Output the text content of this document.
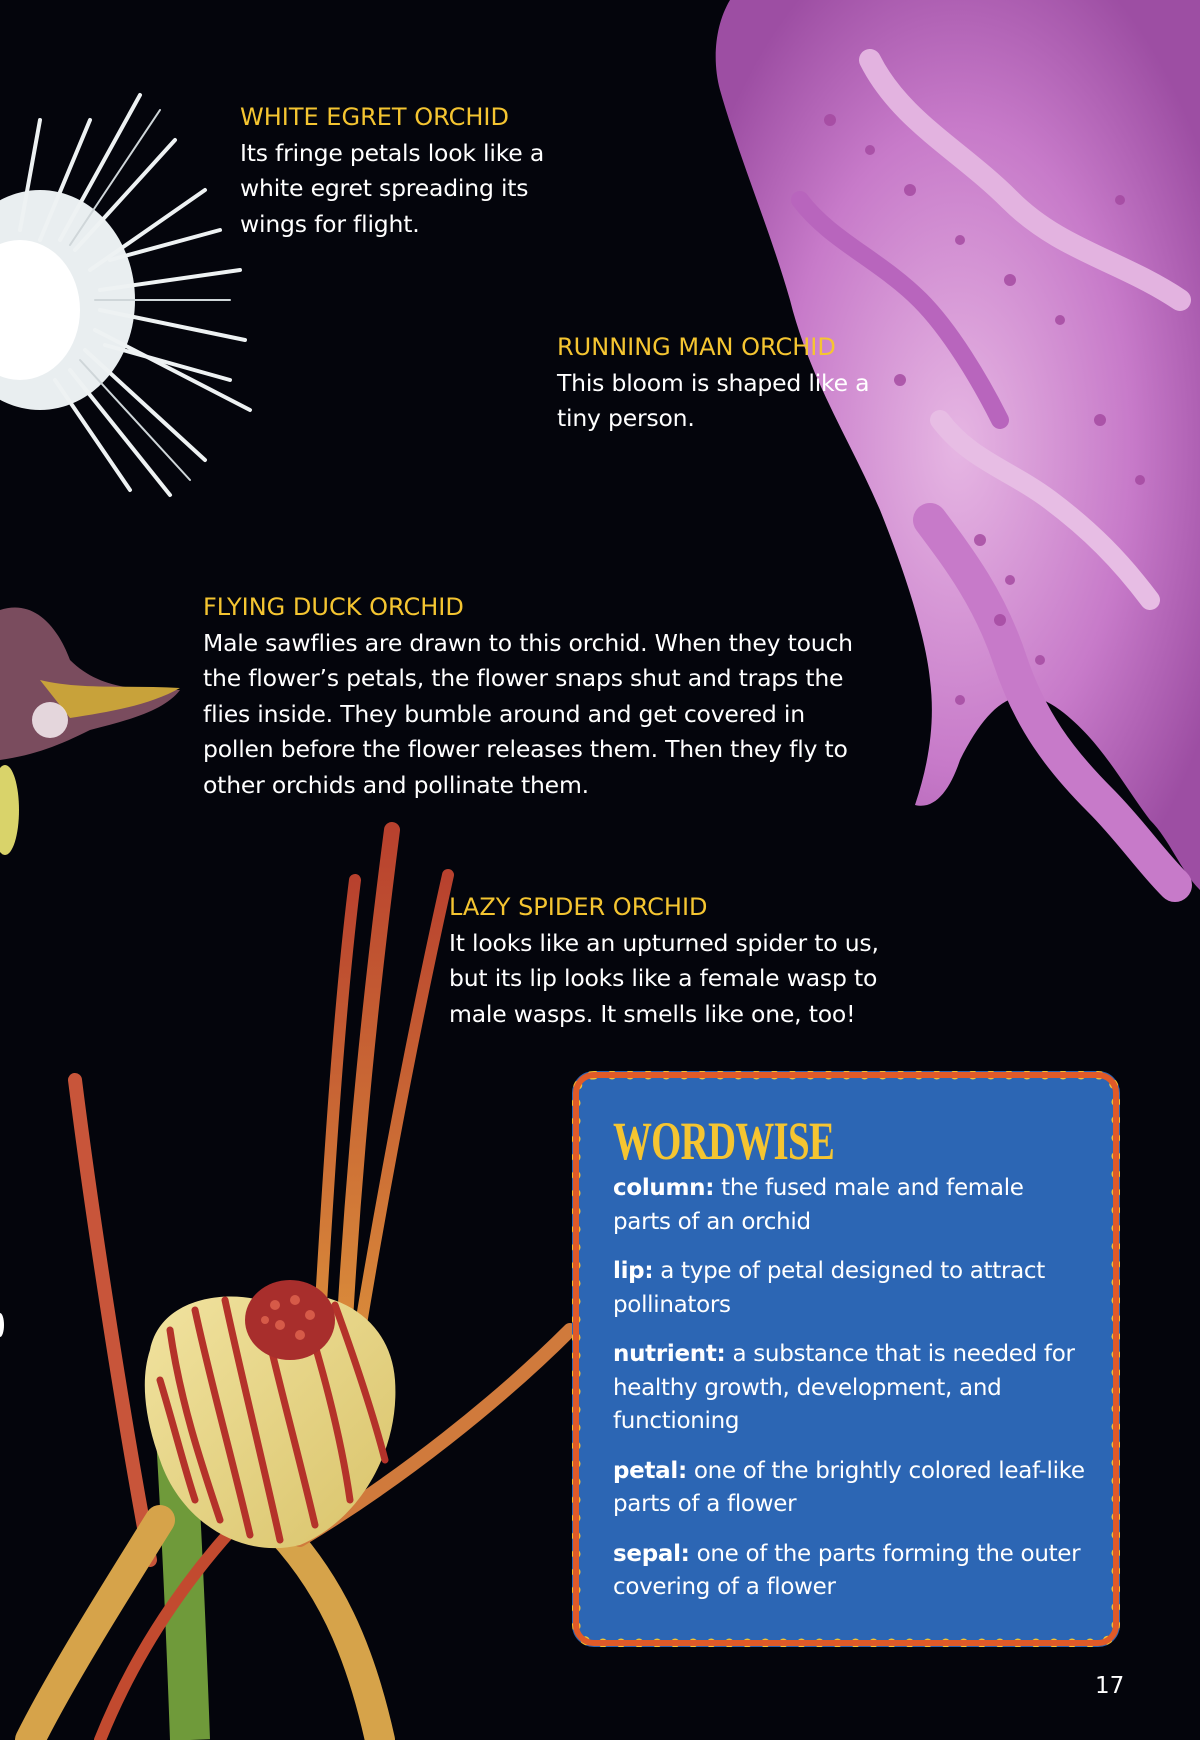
WHITE EGRET ORCHID
Its fringe petals look like a white egret spreading its wings for flight.
RUNNING MAN ORCHID
This bloom is shaped like a tiny person.
FLYING DUCK ORCHID
Male sawflies are drawn to this orchid. When they touch the flower’s petals, the flower snaps shut and traps the flies inside. They bumble around and get covered in pollen before the flower releases them. Then they fly to other orchids and pollinate them.
LAZY SPIDER ORCHID
It looks like an upturned spider to us, but its lip looks like a female wasp to male wasps. It smells like one, too!
WORDWISE
column: the fused male and female parts of an orchid
lip: a type of petal designed to attract pollinators
nutrient: a substance that is needed for healthy growth, development, and functioning
petal: one of the brightly colored leaf-like parts of a flower
sepal: one of the parts forming the outer covering of a flower
17
